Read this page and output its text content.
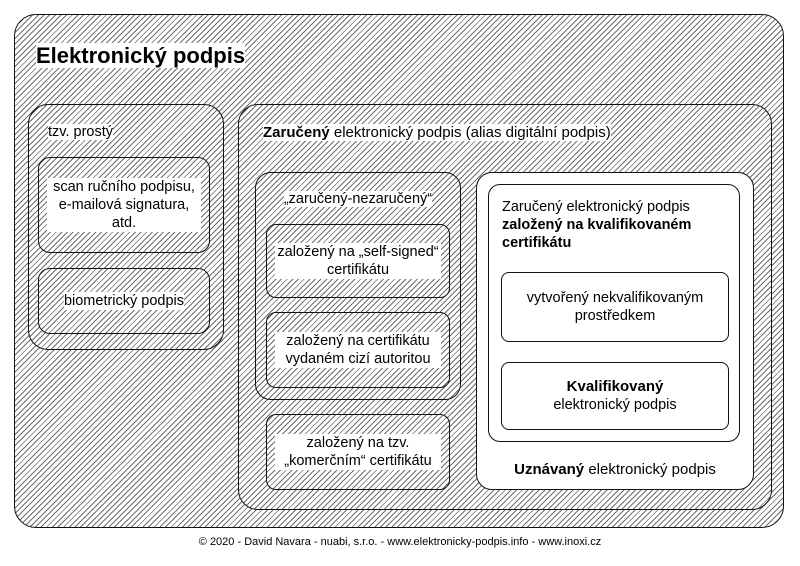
Elektronický podpis
tzv. prostý
scan ručního podpisu, e-mailová signatura, atd.
biometrický podpis
Zaručený elektronický podpis (alias digitální podpis)
„zaručený-nezaručený“
založený na „self-signed“ certifikátu
založený na certifikátu vydaném cizí autoritou
založený na tzv. „komerčním“ certifikátu	Uznávaný elektronický podpis
Zaručený elektronický podpis
založený na kvalifikovaném certifikátu
vytvořený nekvalifikovaným prostředkem
Kvalifikovaný
elektronický podpis
© 2020 - David Navara - nuabi, s.r.o. - www.elektronicky-podpis.info - www.inoxi.cz
